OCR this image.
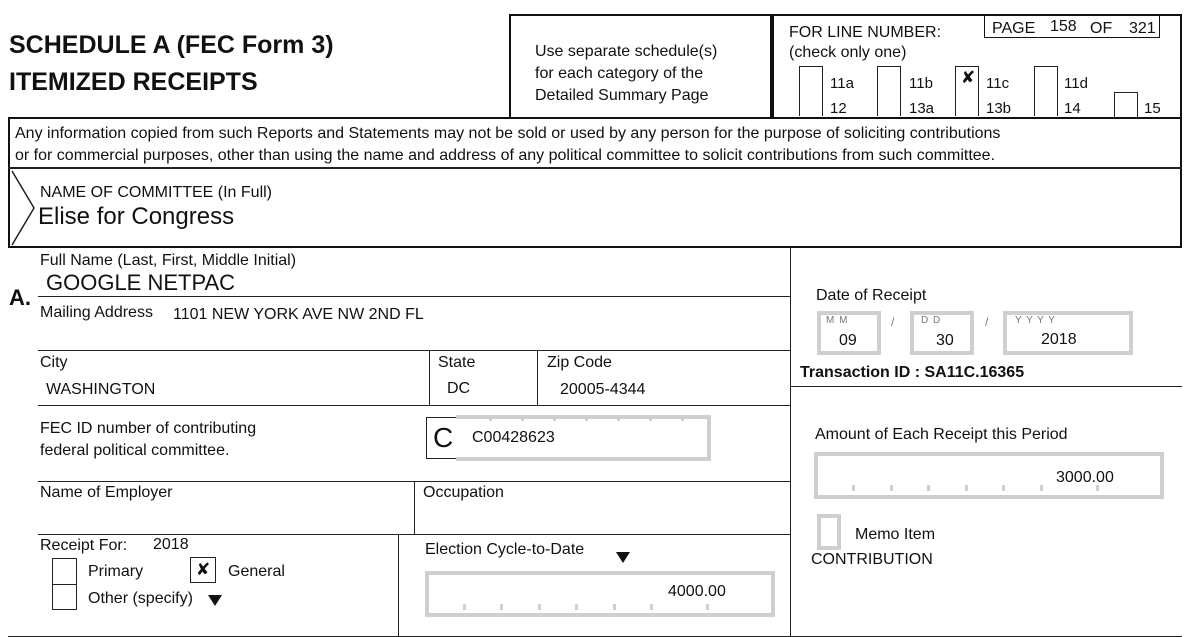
SCHEDULE A (FEC Form 3)
ITEMIZED RECEIPTS
Use separate schedule(s)
for each category of the
Detailed Summary Page
FOR LINE NUMBER:
(check only one)
PAGE 158 OF 321
11a	11b ✘ 11c	11d
12	13a	13b	14	15
Any information copied from such Reports and Statements may not be sold or used by any person for the purpose of soliciting contributions
or for commercial purposes, other than using the name and address of any political committee to solicit contributions from such committee.
NAME OF COMMITTEE (In Full)
Elise for Congress
A.
Full Name (Last, First, Middle Initial)
GOOGLE NETPAC
Mailing Address 1101 NEW YORK AVE NW 2ND FL
City
WASHINGTON
State
DC
Zip Code
20005-4344
FEC ID number of contributing
federal political committee.	C C00428623
Name of Employer	Occupation
Receipt For: 2018
Primary	✘ General
Other (specify)
Election Cycle-to-Date
4000.00
Date of Receipt
M M
09
/	D D
30
/	Y Y Y Y
2018
Transaction ID : SA11C.16365
Amount of Each Receipt this Period
3000.00
Memo Item
CONTRIBUTION
